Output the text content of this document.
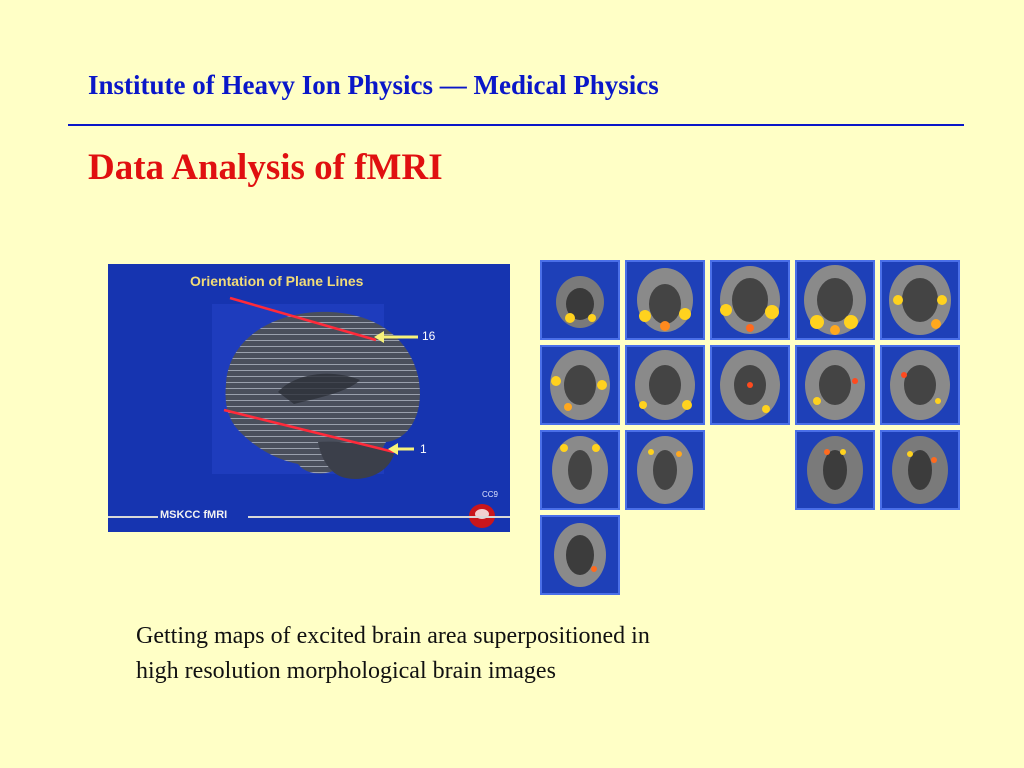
Institute of Heavy Ion Physics — Medical Physics
Data Analysis of fMRI
Orientation of Plane Lines
16
1
CC9
MSKCC fMRI
Getting maps of excited brain area superpositioned in
high resolution morphological brain images
